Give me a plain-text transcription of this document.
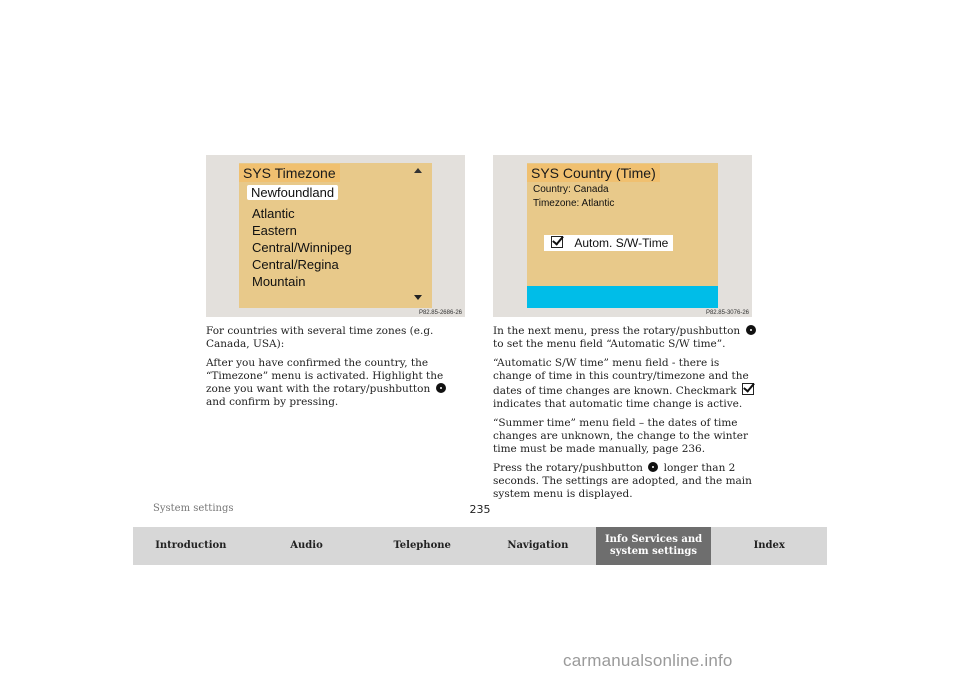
SYS Timezone
Newfoundland
Atlantic
Eastern
Central/Winnipeg
Central/Regina
Mountain
P82.85-2686-26
SYS Country (Time)
Country: Canada
Timezone: Atlantic
Autom. S/W-Time
P82.85-3076-26

For countries with several time zones (e.g. Canada, USA):

After you have confirmed the country, the “Timezone” menu is activated. Highlight the zone you want with the rotary/pushbutton  and confirm by pressing.

In the next menu, press the rotary/pushbutton  to set the menu field “Automatic S/W time”.

“Automatic S/W time” menu field - there is change of time in this country/timezone and the dates of time changes are known. Checkmark  indicates that automatic time change is active.

“Summer time” menu field – the dates of time changes are unknown, the change to the winter time must be made manually, page 236.

Press the rotary/pushbutton longer than 2 seconds. The settings are adopted, and the main system menu is displayed.

System settings	235
Introduction	Audio	Telephone	Navigation
Info Services and system settings
Index
carmanualsonline.info
